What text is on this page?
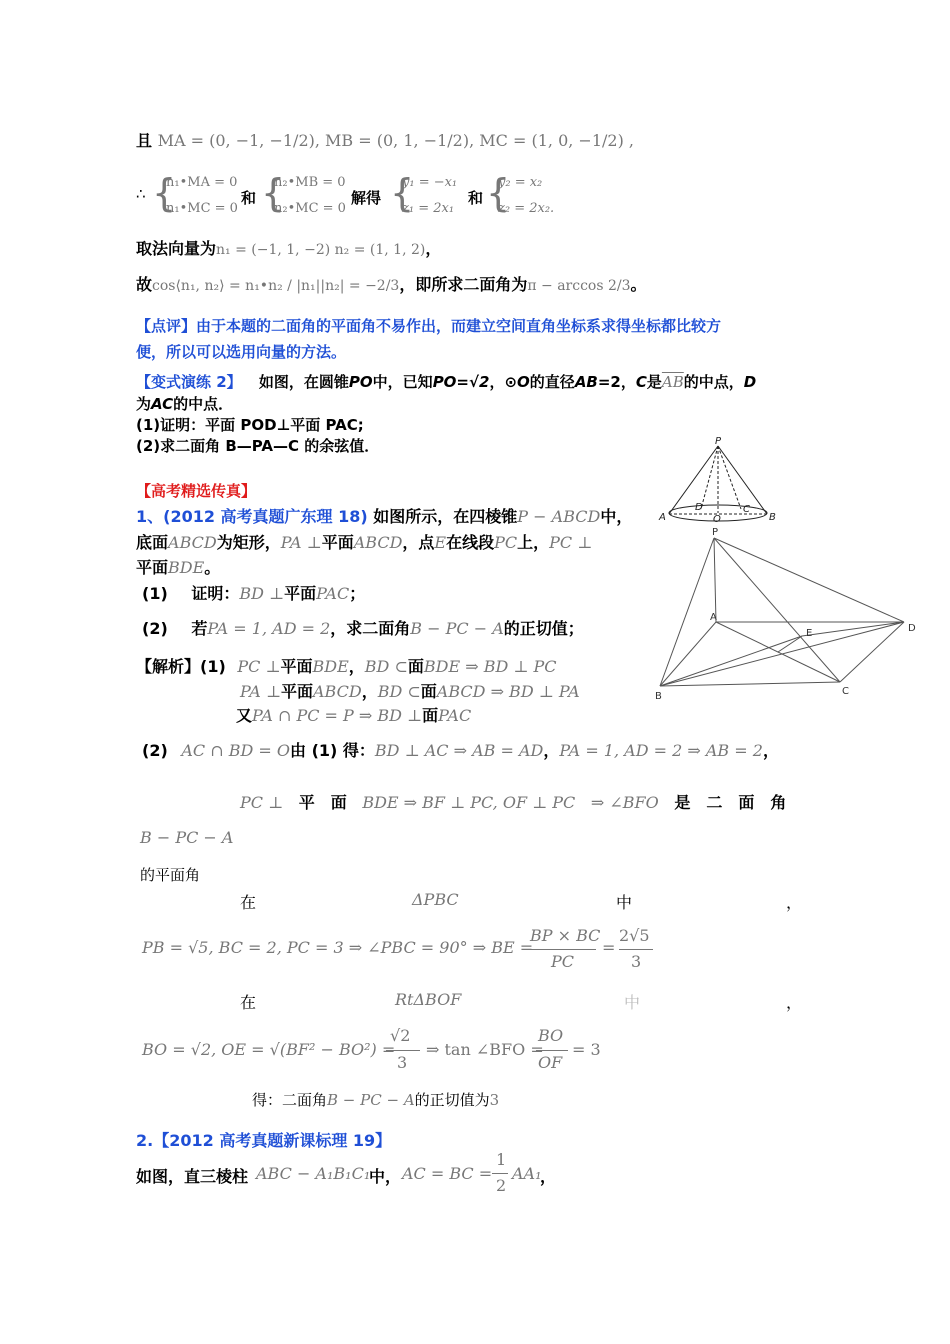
且 MA = (0, −1, −1/2), MB = (0, 1, −1/2), MC = (1, 0, −1/2) ,
∴ {
n₁•MA = 0
n₁•MC = 0
和 {
n₂•MB = 0
n₂•MC = 0
解得 {
y₁ = −x₁
z₁ = 2x₁
和 {
y₂ = x₂
z₂ = 2x₂.
取法向量为n₁ = (−1, 1, −2) n₂ = (1, 1, 2)，
故cos⟨n₁, n₂⟩ = n₁•n₂ / |n₁||n₂| = −2/3，即所求二面角为π − arccos 2/3。
【点评】由于本题的二面角的平面角不易作出，而建立空间直角坐标系求得坐标都比较方
便，所以可以选用向量的方法。
【变式演练 2】 如图，在圆锥PO中，已知PO=√2，⊙O的直径AB=2，C是$\overline{AB}$的中点，D
为AC的中点．
(1)证明：平面 POD⊥平面 PAC;
(2)求二面角 B—PA—C 的余弦值．	P
A
D
O
C
B
【高考精选传真】
1、(2012 高考真题广东理 18) 如图所示，在四棱锥P − ABCD中，
底面ABCD为矩形，PA ⊥平面ABCD，点E在线段PC上，PC ⊥
平面BDE。
(1) 证明：BD ⊥平面PAC；
(2) 若PA = 1, AD = 2，求二面角B − PC − A的正切值；
P
A
B	C
D
E
【解析】(1) PC ⊥平面BDE，BD ⊂面BDE ⇒ BD ⊥ PC
PA ⊥平面ABCD，BD ⊂面ABCD ⇒ BD ⊥ PA
又PA ∩ PC = P ⇒ BD ⊥面PAC
(2) AC ∩ BD = O由 (1) 得：BD ⊥ AC ⇒ AB = AD，PA = 1, AD = 2 ⇒ AB = 2，
PC ⊥ 平　面 BDE ⇒ BF ⊥ PC, OF ⊥ PC ⇒ ∠BFO 是　二　面　角
B − PC − A
的平面角
在	ΔPBC	中	，
PB = √5, BC = 2, PC = 3 ⇒ ∠PBC = 90° ⇒ BE =
BP × BC
PC
=
2√5
3
在	RtΔBOF	中	，
BO = √2, OE = √(BF² − BO²) =
√2
3
⇒ tan ∠BFO =
BO
OF
= 3
得：二面角B − PC − A的正切值为3
2.【2012 高考真题新课标理 19】
如图，直三棱柱 ABC − A₁B₁C₁
中， AC = BC =
1
2
AA₁
，
